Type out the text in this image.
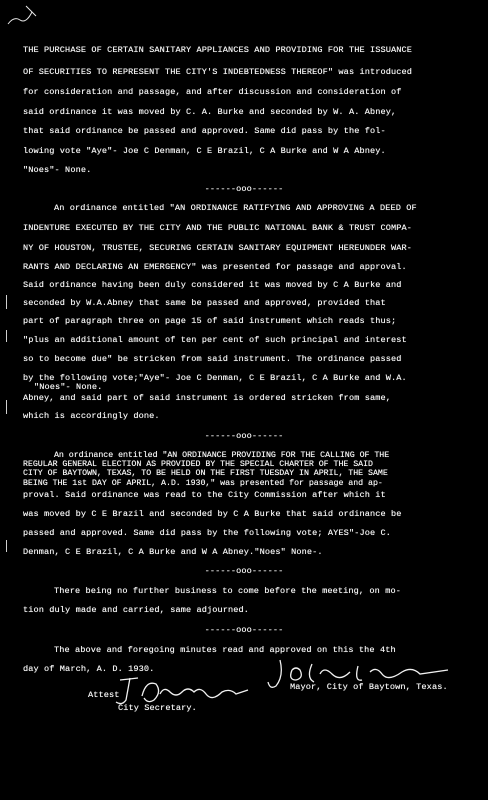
THE PURCHASE OF CERTAIN SANITARY APPLIANCES AND PROVIDING FOR THE ISSUANCE
OF SECURITIES TO REPRESENT THE CITY'S INDEBTEDNESS THEREOF" was introduced
for consideration and passage, and after discussion and consideration of
said ordinance it was moved by C. A. Burke and seconded by W. A. Abney,
that said ordinance be passed and approved. Same did pass by the fol-
lowing vote "Aye"- Joe C Denman, C E Brazil, C A Burke and W A Abney.
"Noes"- None.
------ooo------
An ordinance entitled "AN ORDINANCE RATIFYING AND APPROVING A DEED OF
INDENTURE EXECUTED BY THE CITY AND THE PUBLIC NATIONAL BANK & TRUST COMPA-
NY OF HOUSTON, TRUSTEE, SECURING CERTAIN SANITARY EQUIPMENT HEREUNDER WAR-
RANTS AND DECLARING AN EMERGENCY" was presented for passage and approval.
Said ordinance having been duly considered it was moved by C A Burke and
seconded by W.A.Abney that same be passed and approved, provided that
part of paragraph three on page 15 of said instrument which reads thus;
"plus an additional amount of ten per cent of such principal and interest
so to become due" be stricken from said instrument. The ordinance passed
by the following vote;"Aye"- Joe C Denman, C E Brazil, C A Burke and W.A.
"Noes"- None.
Abney, and said part of said instrument is ordered stricken from same,
which is accordingly done.
------ooo------
An ordinance entitled "AN ORDINANCE PROVIDING FOR THE CALLING OF THE
REGULAR GENERAL ELECTION AS PROVIDED BY THE SPECIAL CHARTER OF THE SAID
CITY OF BAYTOWN, TEXAS, TO BE HELD ON THE FIRST TUESDAY IN APRIL, THE SAME
BEING THE 1st DAY OF APRIL, A.D. 1930," was presented for passage and ap-
proval. Said ordinance was read to the City Commission after which it
was moved by C E Brazil and seconded by C A Burke that said ordinance be
passed and approved. Same did pass by the following vote; AYES"-Joe C.
Denman, C E Brazil, C A Burke and W A Abney."Noes" None-.
------ooo------
There being no further business to come before the meeting, on mo-
tion duly made and carried, same adjourned.
------ooo------
The above and foregoing minutes read and approved on this the 4th
day of March, A. D. 1930.
Attest
Mayor, City of Baytown, Texas.
City Secretary.
